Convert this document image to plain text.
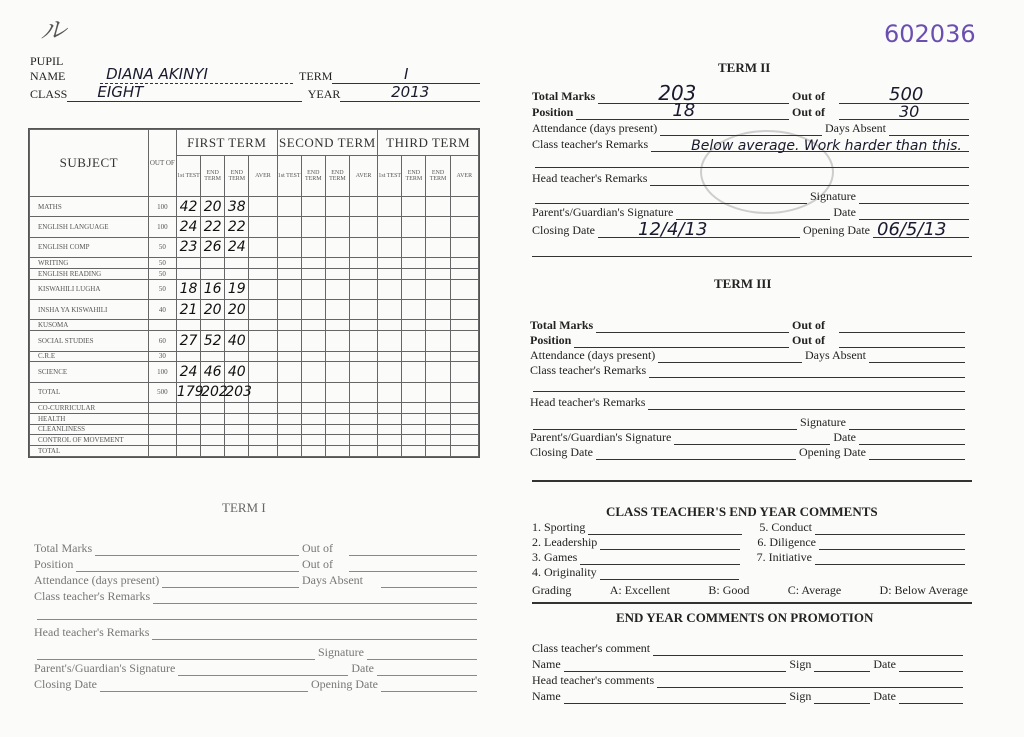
ル	602036
PUPIL NAME	DIANA AKINYI	TERM	I
CLASS	EIGHT	YEAR	2013
SUBJECT	OUT OF	FIRST TERM				SECOND TERM				THIRD TERM			
		1st TEST	END TERM	END TERM	AVER	1st TEST	END TERM	END TERM	AVER	1st TEST	END TERM	END TERM	AVER
MATHS	100	42	20	38									
ENGLISH LANGUAGE	100	24	22	22									
ENGLISH COMP	50	23	26	24									
WRITING	50												
ENGLISH READING	50												
KISWAHILI LUGHA	50	18	16	19									
INSHA YA KISWAHILI	40	21	20	20									
KUSOMA													
SOCIAL STUDIES	60	27	52	40									
C.R.E	30												
SCIENCE	100	24	46	40									
TOTAL	500	179	202	203									
CO-CURRICULAR													
HEALTH													
CLEANLINESS													
CONTROL OF MOVEMENT													
TOTAL													
TERM I
Total Marks	Out of
Position	Out of
Attendance (days present)	Days Absent
Class teacher's Remarks
Head teacher's Remarks
Signature
Parent's/Guardian's Signature	Date
Closing Date	Opening Date
TERM II
Total Marks	203	Out of	500
Position	18	Out of	30
Attendance (days present)	Days Absent
Class teacher's Remarks	Below average. Work harder than this.
Head teacher's Remarks
Signature
Parent's/Guardian's Signature	Date
Closing Date 12/4/13	Opening Date 06/5/13
TERM III
Total Marks	Out of
Position	Out of
Attendance (days present)	Days Absent
Class teacher's Remarks
Head teacher's Remarks
Signature
Parent's/Guardian's Signature	Date
Closing Date	Opening Date
CLASS TEACHER'S END YEAR COMMENTS
1. Sporting	5. Conduct
2. Leadership	6. Diligence
3. Games	7. Initiative
4. Originality
Grading	A: Excellent	B: Good	C: Average	D: Below Average
END YEAR COMMENTS ON PROMOTION
Class teacher's comment
Name	Sign	Date
Head teacher's comments
Name	Sign	Date
